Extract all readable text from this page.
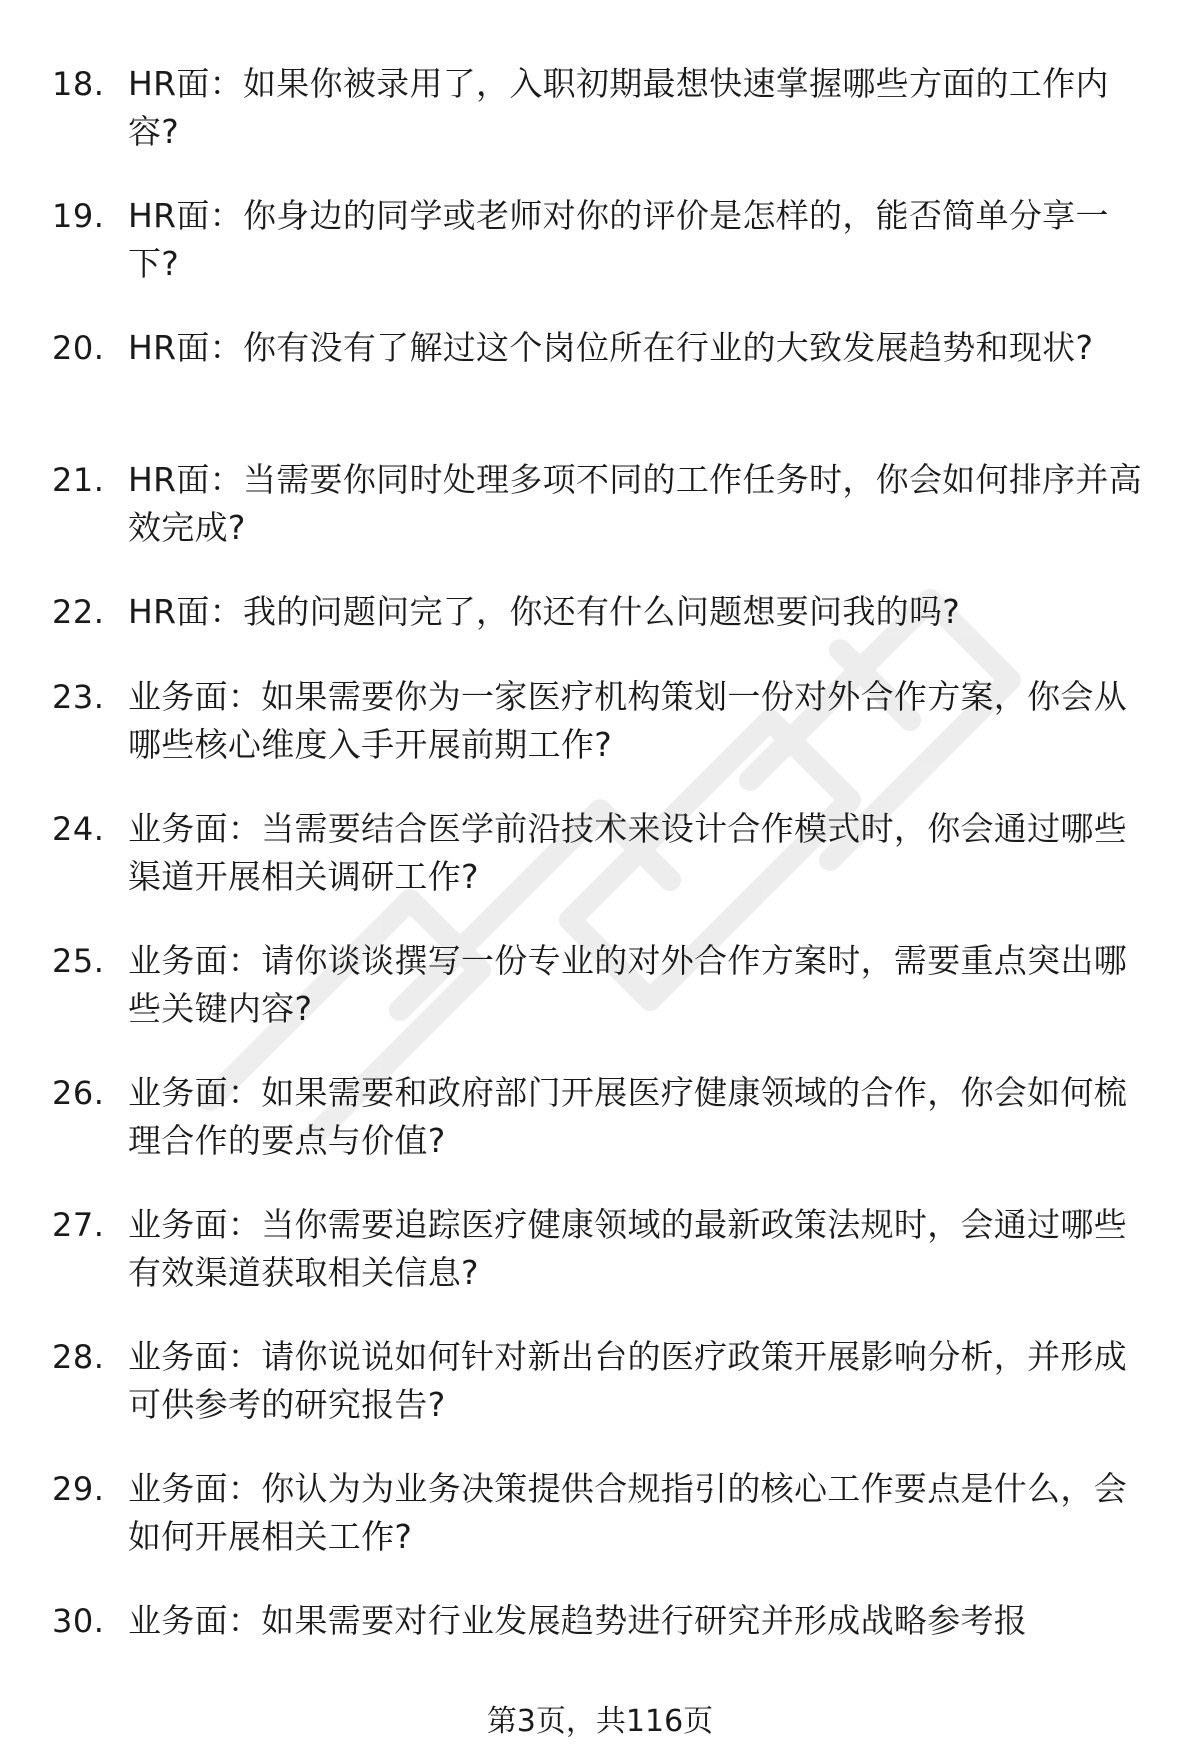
18. HR面：如果你被录用了，入职初期最想快速掌握哪些方面的工作内容?
19. HR面：你身边的同学或老师对你的评价是怎样的，能否简单分享一下?
20. HR面：你有没有了解过这个岗位所在行业的大致发展趋势和现状?
21. HR面：当需要你同时处理多项不同的工作任务时，你会如何排序并高效完成?
22. HR面：我的问题问完了，你还有什么问题想要问我的吗?
23. 业务面：如果需要你为一家医疗机构策划一份对外合作方案，你会从哪些核心维度入手开展前期工作?
24. 业务面：当需要结合医学前沿技术来设计合作模式时，你会通过哪些渠道开展相关调研工作?
25. 业务面：请你谈谈撰写一份专业的对外合作方案时，需要重点突出哪些关键内容?
26. 业务面：如果需要和政府部门开展医疗健康领域的合作，你会如何梳理合作的要点与价值?
27. 业务面：当你需要追踪医疗健康领域的最新政策法规时，会通过哪些有效渠道获取相关信息?
28. 业务面：请你说说如何针对新出台的医疗政策开展影响分析，并形成可供参考的研究报告?
29. 业务面：你认为为业务决策提供合规指引的核心工作要点是什么，会如何开展相关工作?
30. 业务面：如果需要对行业发展趋势进行研究并形成战略参考报
第3页，共116页
